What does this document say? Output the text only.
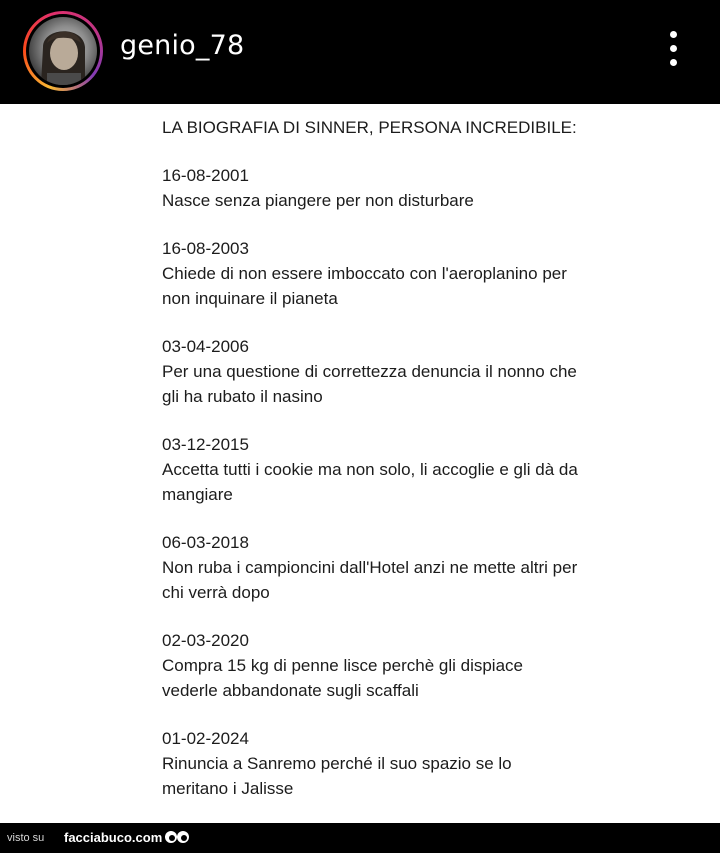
genio_78
LA BIOGRAFIA DI SINNER, PERSONA INCREDIBILE:
16-08-2001
Nasce senza piangere per non disturbare
16-08-2003
Chiede di non essere imboccato con l'aeroplanino per non inquinare il pianeta
03-04-2006
Per una questione di correttezza denuncia il nonno che gli ha rubato il nasino
03-12-2015
Accetta tutti i cookie ma non solo, li accoglie e gli dà da mangiare
06-03-2018
Non ruba i campioncini dall'Hotel anzi ne mette altri per chi verrà dopo
02-03-2020
Compra 15 kg di penne lisce perchè gli dispiace vederle abbandonate sugli scaffali
01-02-2024
Rinuncia a Sanremo perché il suo spazio se lo meritano i Jalisse
visto su facciabuco.com
